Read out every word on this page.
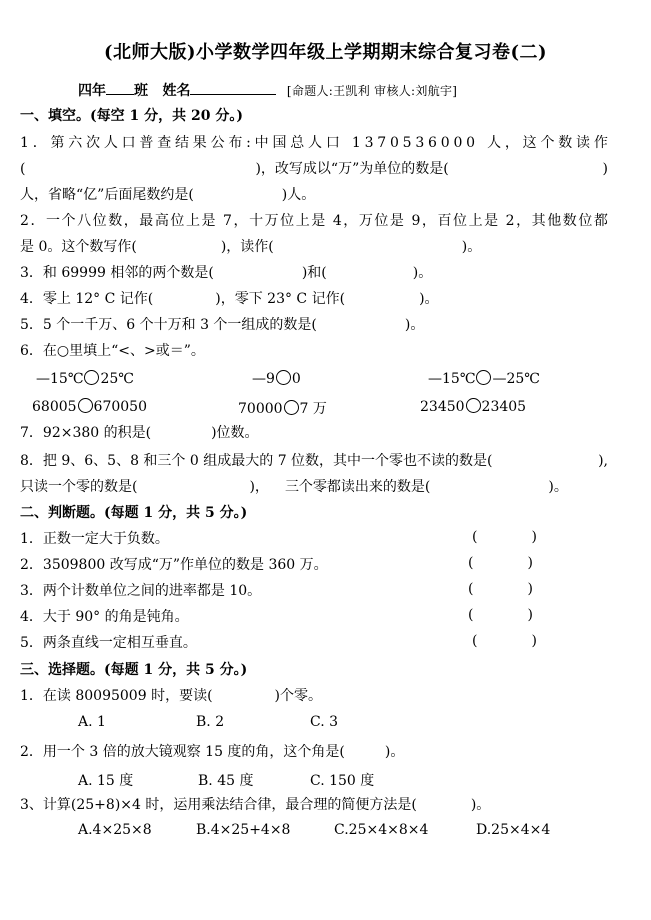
(北师大版)小学数学四年级上学期期末综合复习卷(二)
四年 班 姓名	[命题人:王凯利 审核人:刘航宇]
一、填空。(每空 1 分，共 20 分。)
1．第六次人口普查结果公布:中国总人口 1370536000 人，这个数读作
(	)，改写成以“万”为单位的数是(	)
人，省略“亿”后面尾数约是(	)人。
2．一个八位数，最高位上是 7，十万位上是 4，万位是 9，百位上是 2，其他数位都
是 0。这个数写作(	)，读作(	)。
3．和 69999 相邻的两个数是(	)和(	)。
4．零上 12° C 记作(	)，零下 23° C 记作(	)。
5．5 个一千万、6 个十万和 3 个一组成的数是(	)。
6．在○里填上“<、>或＝”。
—15℃ 25℃	—9 0	—15℃ —25℃
68005 670050	70000 7 万	23450 23405
7．92×380 的积是(	)位数。
8．把 9、6、5、8 和三个 0 组成最大的 7 位数，其中一个零也不读的数是(	),
只读一个零的数是(	)， 三个零都读出来的数是(	)。
二、判断题。(每题 1 分，共 5 分。)
1．正数一定大于负数。	(	)
2．3509800 改写成“万”作单位的数是 360 万。	(	)
3．两个计数单位之间的进率都是 10。	(	)
4．大于 90° 的角是钝角。	(	)
5．两条直线一定相互垂直。	(	)
三、选择题。(每题 1 分，共 5 分。)
1．在读 80095009 时，要读(	)个零。
A. 1	B. 2	C. 3
2．用一个 3 倍的放大镜观察 15 度的角，这个角是(	)。
A. 15 度	B. 45 度	C. 150 度
3、计算(25+8)×4 时，运用乘法结合律，最合理的简便方法是(	)。
A.4×25×8	B.4×25+4×8	C.25×4×8×4	D.25×4×4
